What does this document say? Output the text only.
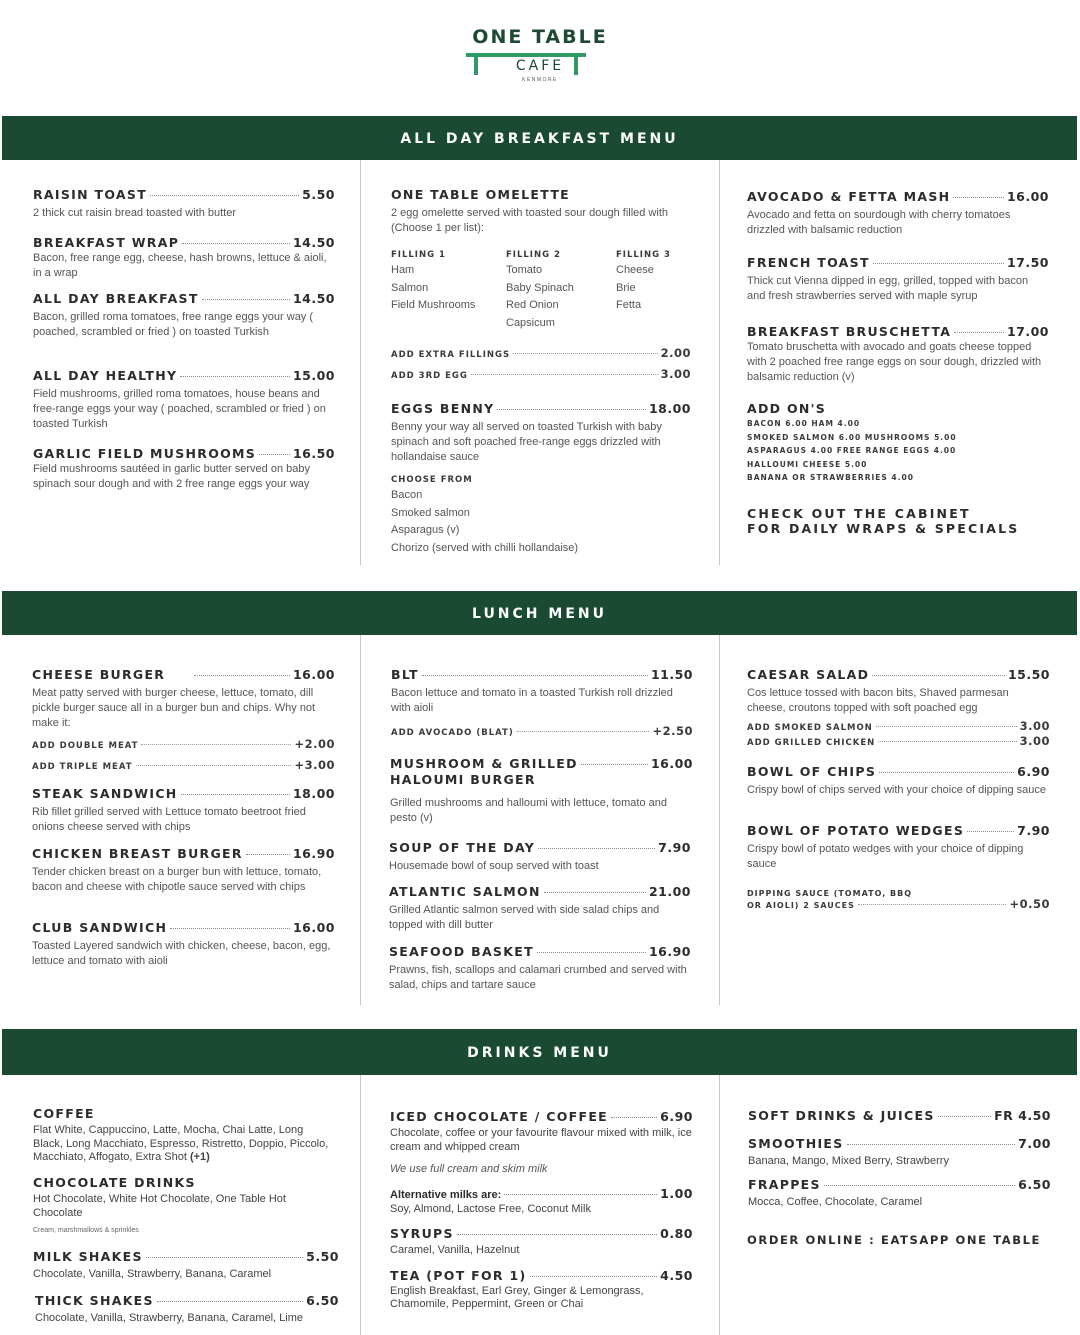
ONE TABLE
CAFE
KENMORE
ALL DAY BREAKFAST MENU
RAISIN TOAST	5.50
2 thick cut raisin bread toasted with butter
BREAKFAST WRAP	14.50
Bacon, free range egg, cheese, hash browns, lettuce & aioli, in a wrap
ALL DAY BREAKFAST	14.50
Bacon, grilled roma tomatoes, free range eggs your way ( poached, scrambled or fried ) on toasted Turkish
ALL DAY HEALTHY	15.00
Field mushrooms, grilled roma tomatoes, house beans and free-range eggs your way ( poached, scrambled or fried ) on toasted Turkish
GARLIC FIELD MUSHROOMS	16.50
Field mushrooms sautéed in garlic butter served on baby spinach sour dough and with 2 free range eggs your way
ONE TABLE OMELETTE
2 egg omelette served with toasted sour dough filled with (Choose 1 per list):
FILLING 1
Ham
Salmon
Field Mushrooms
FILLING 2
Tomato
Baby Spinach
Red Onion
Capsicum
FILLING 3
Cheese
Brie
Fetta
ADD EXTRA FILLINGS	2.00
ADD 3RD EGG	3.00
EGGS BENNY	18.00
Benny your way all served on toasted Turkish with baby spinach and soft poached free-range eggs drizzled with hollandaise sauce
CHOOSE FROM
Bacon
Smoked salmon
Asparagus (v)
Chorizo (served with chilli hollandaise)
AVOCADO & FETTA MASH	16.00
Avocado and fetta on sourdough with cherry tomatoes drizzled with balsamic reduction
FRENCH TOAST	17.50
Thick cut Vienna dipped in egg, grilled, topped with bacon and fresh strawberries served with maple syrup
BREAKFAST BRUSCHETTA	17.00
Tomato bruschetta with avocado and goats cheese topped with 2 poached free range eggs on sour dough, drizzled with balsamic reduction (v)
ADD ON'S
BACON 6.00 HAM 4.00
SMOKED SALMON 6.00 MUSHROOMS 5.00
ASPARAGUS 4.00 FREE RANGE EGGS 4.00
HALLOUMI CHEESE 5.00
BANANA OR STRAWBERRIES 4.00
CHECK OUT THE CABINET
FOR DAILY WRAPS & SPECIALS
LUNCH MENU
CHEESE BURGER	16.00
Meat patty served with burger cheese, lettuce, tomato, dill pickle burger sauce all in a burger bun and chips. Why not make it:
ADD DOUBLE MEAT	+2.00
ADD TRIPLE MEAT	+3.00
STEAK SANDWICH	18.00
Rib fillet grilled served with Lettuce tomato beetroot fried onions cheese served with chips
CHICKEN BREAST BURGER	16.90
Tender chicken breast on a burger bun with lettuce, tomato, bacon and cheese with chipotle sauce served with chips
CLUB SANDWICH	16.00
Toasted Layered sandwich with chicken, cheese, bacon, egg, lettuce and tomato with aioli
BLT	11.50
Bacon lettuce and tomato in a toasted Turkish roll drizzled with aioli
ADD AVOCADO (BLAT)	+2.50
MUSHROOM & GRILLED	16.00
HALOUMI BURGER
Grilled mushrooms and halloumi with lettuce, tomato and pesto (v)
SOUP OF THE DAY	7.90
Housemade bowl of soup served with toast
ATLANTIC SALMON	21.00
Grilled Atlantic salmon served with side salad chips and topped with dill butter
SEAFOOD BASKET	16.90
Prawns, fish, scallops and calamari crumbed and served with salad, chips and tartare sauce
CAESAR SALAD	15.50
Cos lettuce tossed with bacon bits, Shaved parmesan cheese, croutons topped with soft poached egg
ADD SMOKED SALMON	3.00
ADD GRILLED CHICKEN	3.00
BOWL OF CHIPS	6.90
Crispy bowl of chips served with your choice of dipping sauce
BOWL OF POTATO WEDGES	7.90
Crispy bowl of potato wedges with your choice of dipping sauce
DIPPING SAUCE (TOMATO, BBQ
OR AIOLI) 2 SAUCES	+0.50
DRINKS MENU
COFFEE
Flat White, Cappuccino, Latte, Mocha, Chai Latte, Long Black, Long Macchiato, Espresso, Ristretto, Doppio, Piccolo, Macchiato, Affogato, Extra Shot (+1)
CHOCOLATE DRINKS
Hot Chocolate, White Hot Chocolate, One Table Hot Chocolate
Cream, marshmallows & sprinkles
MILK SHAKES	5.50
Chocolate, Vanilla, Strawberry, Banana, Caramel
THICK SHAKES	6.50
Chocolate, Vanilla, Strawberry, Banana, Caramel, Lime
ICED CHOCOLATE / COFFEE	6.90
Chocolate, coffee or your favourite flavour mixed with milk, ice cream and whipped cream
We use full cream and skim milk
Alternative milks are:	1.00
Soy, Almond, Lactose Free, Coconut Milk
SYRUPS	0.80
Caramel, Vanilla, Hazelnut
TEA (POT FOR 1)	4.50
English Breakfast, Earl Grey, Ginger & Lemongrass, Chamomile, Peppermint, Green or Chai
SOFT DRINKS & JUICES	FR 4.50
SMOOTHIES	7.00
Banana, Mango, Mixed Berry, Strawberry
FRAPPES	6.50
Mocca, Coffee, Chocolate, Caramel
ORDER ONLINE : EATSAPP ONE TABLE
